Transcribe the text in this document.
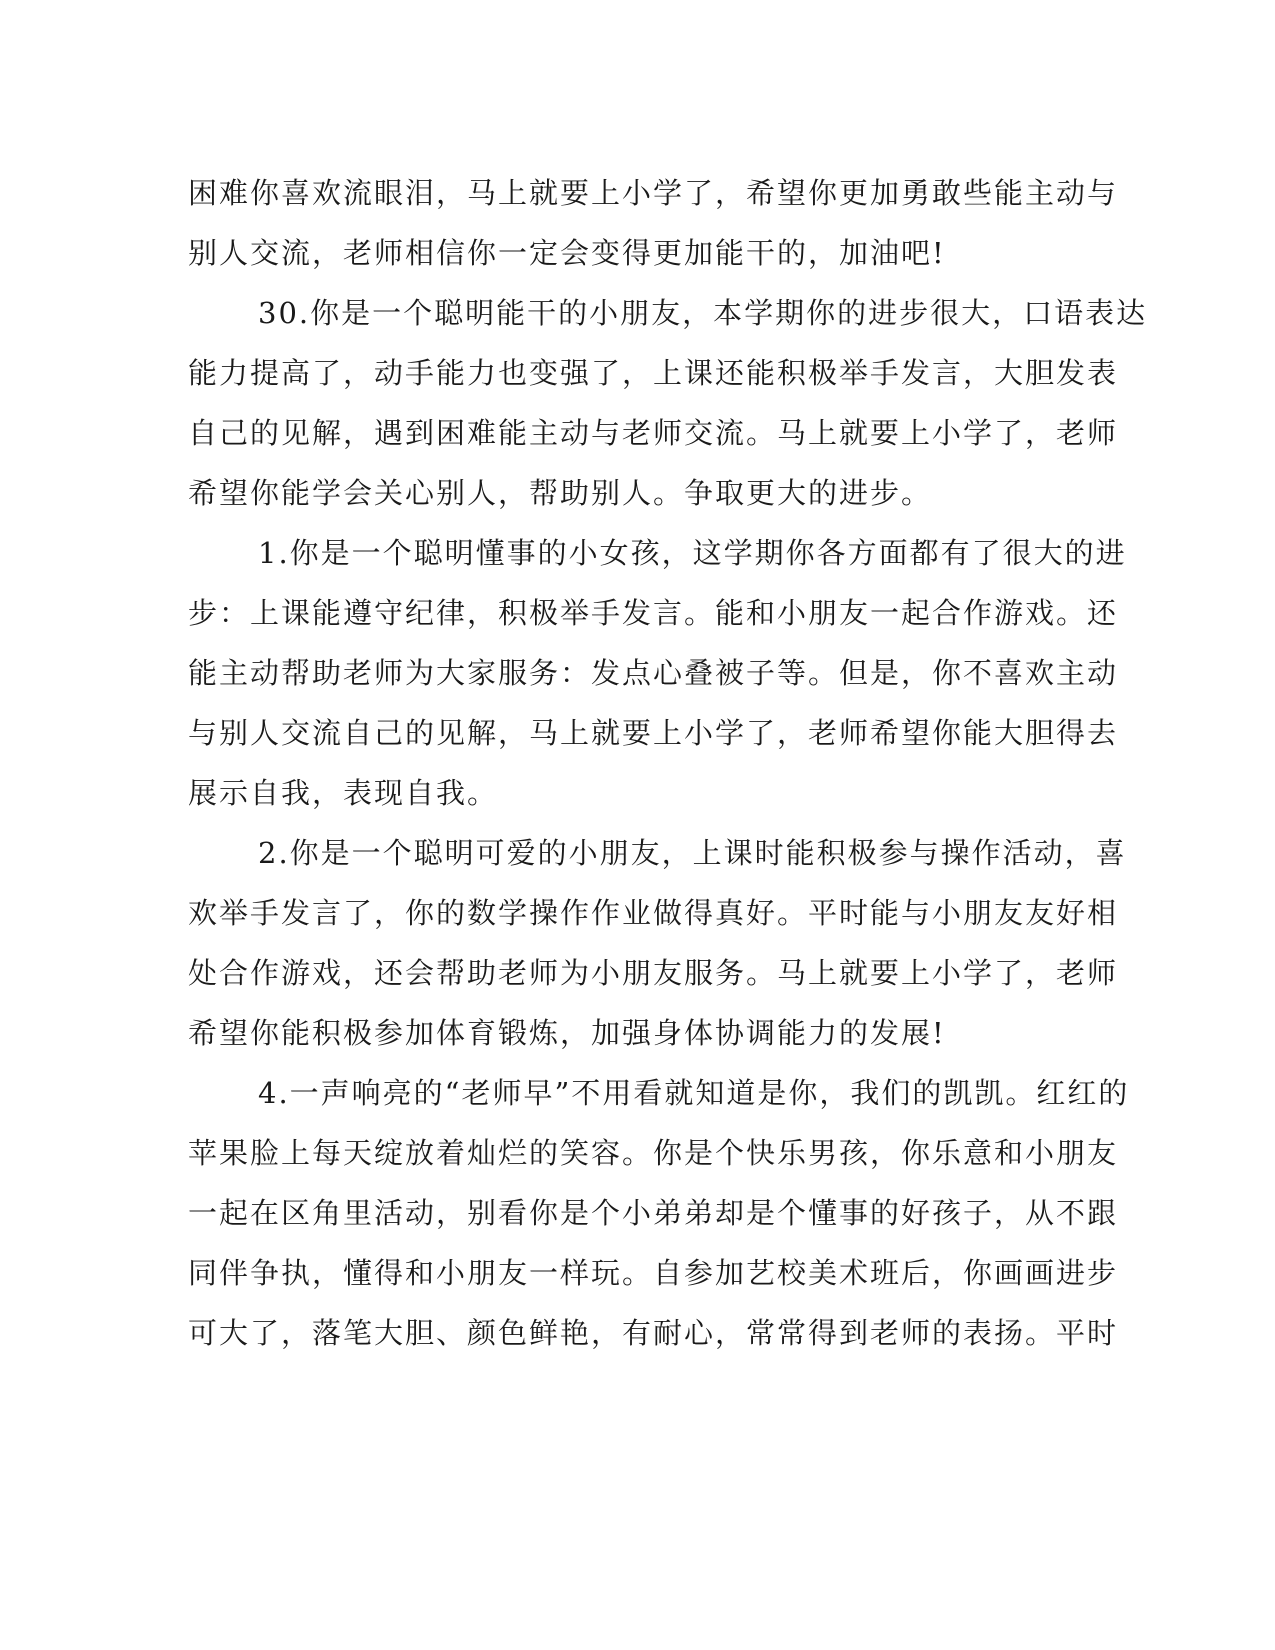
困难你喜欢流眼泪，马上就要上小学了，希望你更加勇敢些能主动与
别人交流，老师相信你一定会变得更加能干的，加油吧!
30.你是一个聪明能干的小朋友，本学期你的进步很大，口语表达
能力提高了，动手能力也变强了，上课还能积极举手发言，大胆发表
自己的见解，遇到困难能主动与老师交流。马上就要上小学了，老师
希望你能学会关心别人，帮助别人。争取更大的进步。
1.你是一个聪明懂事的小女孩，这学期你各方面都有了很大的进
步：上课能遵守纪律，积极举手发言。能和小朋友一起合作游戏。还
能主动帮助老师为大家服务：发点心叠被子等。但是，你不喜欢主动
与别人交流自己的见解，马上就要上小学了，老师希望你能大胆得去
展示自我，表现自我。
2.你是一个聪明可爱的小朋友，上课时能积极参与操作活动，喜
欢举手发言了，你的数学操作作业做得真好。平时能与小朋友友好相
处合作游戏，还会帮助老师为小朋友服务。马上就要上小学了，老师
希望你能积极参加体育锻炼，加强身体协调能力的发展!
4.一声响亮的“老师早”不用看就知道是你，我们的凯凯。红红的
苹果脸上每天绽放着灿烂的笑容。你是个快乐男孩，你乐意和小朋友
一起在区角里活动，别看你是个小弟弟却是个懂事的好孩子，从不跟
同伴争执，懂得和小朋友一样玩。自参加艺校美术班后，你画画进步
可大了，落笔大胆、颜色鲜艳，有耐心，常常得到老师的表扬。平时
